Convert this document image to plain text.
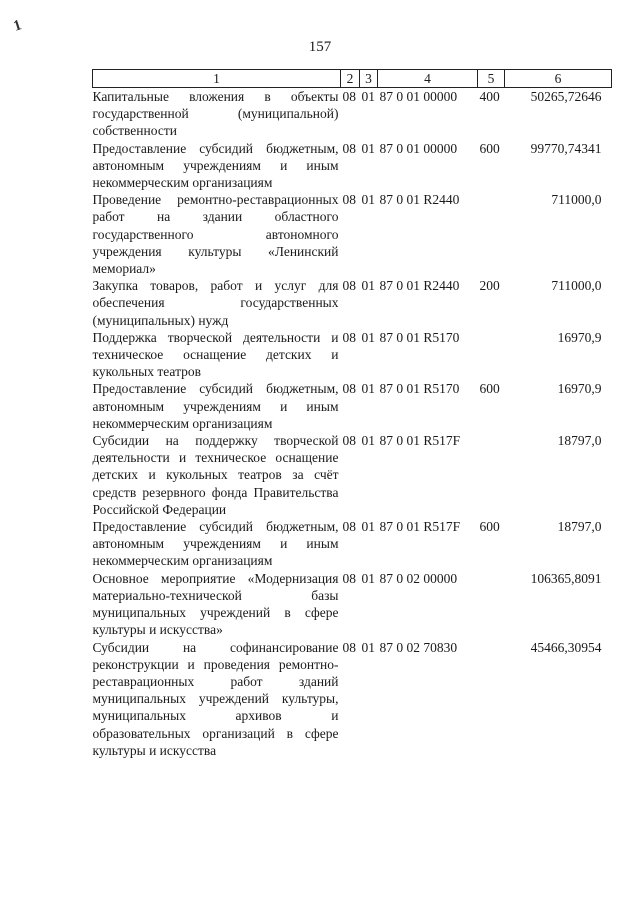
1
157
1	2	3	4	5	6
Капитальные вложения в объекты государственной (муниципальной) собственности	08	01	87 0 01 00000	400	50265,72646
Предоставление субсидий бюджетным, автономным учреждениям и иным некоммерческим организациям	08	01	87 0 01 00000	600	99770,74341
Проведение ремонтно-реставрационных работ на здании областного государственного автономного учреждения культуры «Ленинский мемориал»	08	01	87 0 01 R2440		711000,0
Закупка товаров, работ и услуг для обеспечения государственных (муниципальных) нужд	08	01	87 0 01 R2440	200	711000,0
Поддержка творческой деятельности и техническое оснащение детских и кукольных театров	08	01	87 0 01 R5170		16970,9
Предоставление субсидий бюджетным, автономным учреждениям и иным некоммерческим организациям	08	01	87 0 01 R5170	600	16970,9
Субсидии на поддержку творческой деятельности и техническое оснащение детских и кукольных театров за счёт средств резервного фонда Правительства Российской Федерации	08	01	87 0 01 R517F		18797,0
Предоставление субсидий бюджетным, автономным учреждениям и иным некоммерческим организациям	08	01	87 0 01 R517F	600	18797,0
Основное мероприятие «Модернизация материально-технической базы муниципальных учреждений в сфере культуры и искусства»	08	01	87 0 02 00000		106365,8091
Субсидии на софинансирование реконструкции и проведения ремонтно-реставрационных работ зданий муниципальных учреждений культуры, муниципальных архивов и образовательных организаций в сфере культуры и искусства	08	01	87 0 02 70830		45466,30954
